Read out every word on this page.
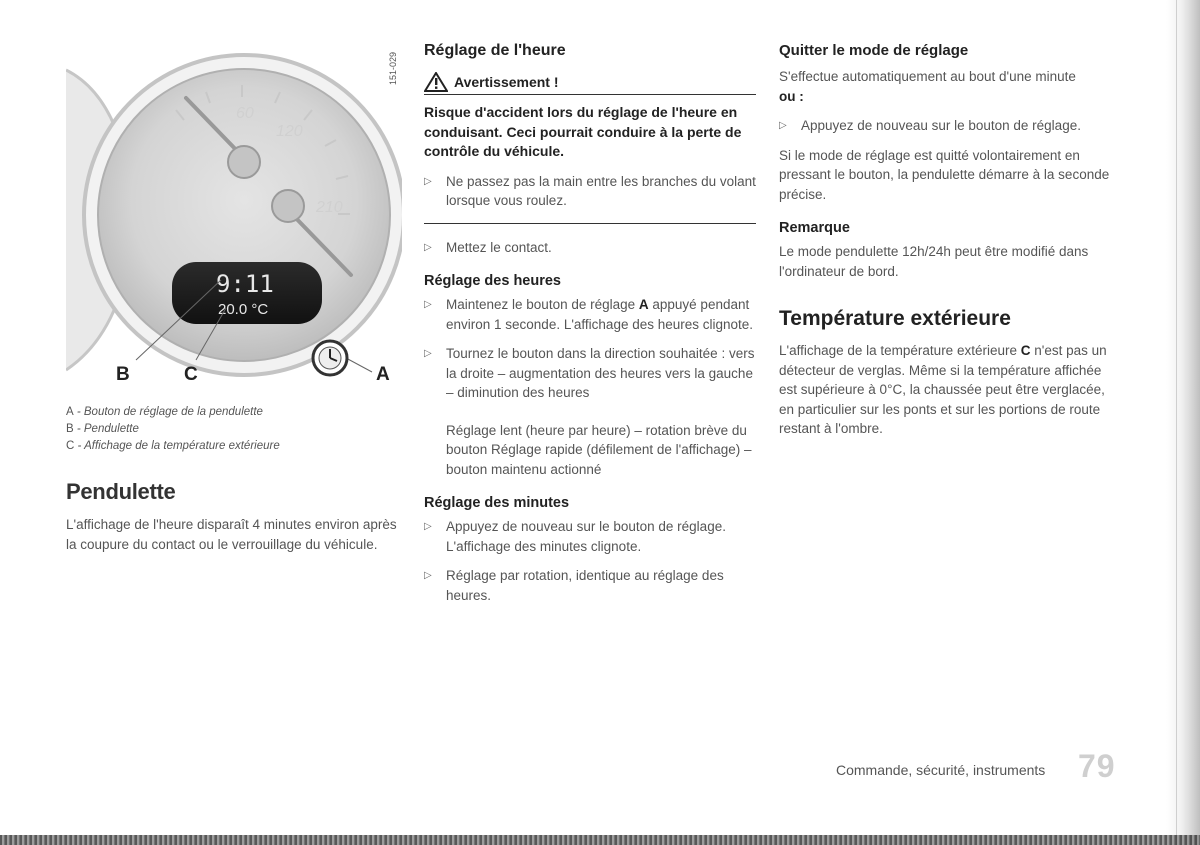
60
120
210
9:11
20.0 °C
B	C	A
151-029
A - Bouton de réglage de la pendulette
B - Pendulette
C - Affichage de la température extérieure
Pendulette

L'affichage de l'heure disparaît 4 minutes environ après la coupure du contact ou le verrouillage du véhicule.

Réglage de l'heure
Avertissement !
Risque d'accident lors du réglage de l'heure en conduisant. Ceci pourrait conduire à la perte de contrôle du véhicule.
▷	Ne passez pas la main entre les branches du volant lorsque vous roulez.

▷	Mettez le contact.

Réglage des heures
▷	Maintenez le bouton de réglage A appuyé pendant environ 1 seconde. L'affichage des heures clignote.

▷	Tournez le bouton dans la direction souhaitée : vers la droite – augmentation des heures vers la gauche – diminution des heures

Réglage lent (heure par heure) – rotation brève du bouton Réglage rapide (défilement de l'affichage) – bouton maintenu actionné

Réglage des minutes
▷	Appuyez de nouveau sur le bouton de réglage. L'affichage des minutes clignote.

▷	Réglage par rotation, identique au réglage des heures.

Quitter le mode de réglage

S'effectue automatiquement au bout d'une minute

ou :

▷	Appuyez de nouveau sur le bouton de réglage.

Si le mode de réglage est quitté volontairement en pressant le bouton, la pendulette démarre à la seconde précise.

Remarque

Le mode pendulette 12h/24h peut être modifié dans l'ordinateur de bord.

Température extérieure

L'affichage de la température extérieure C n'est pas un détecteur de verglas. Même si la température affichée est supérieure à 0°C, la chaussée peut être verglacée, en particulier sur les ponts et sur les portions de route restant à l'ombre.

Commande, sécurité, instruments 79
